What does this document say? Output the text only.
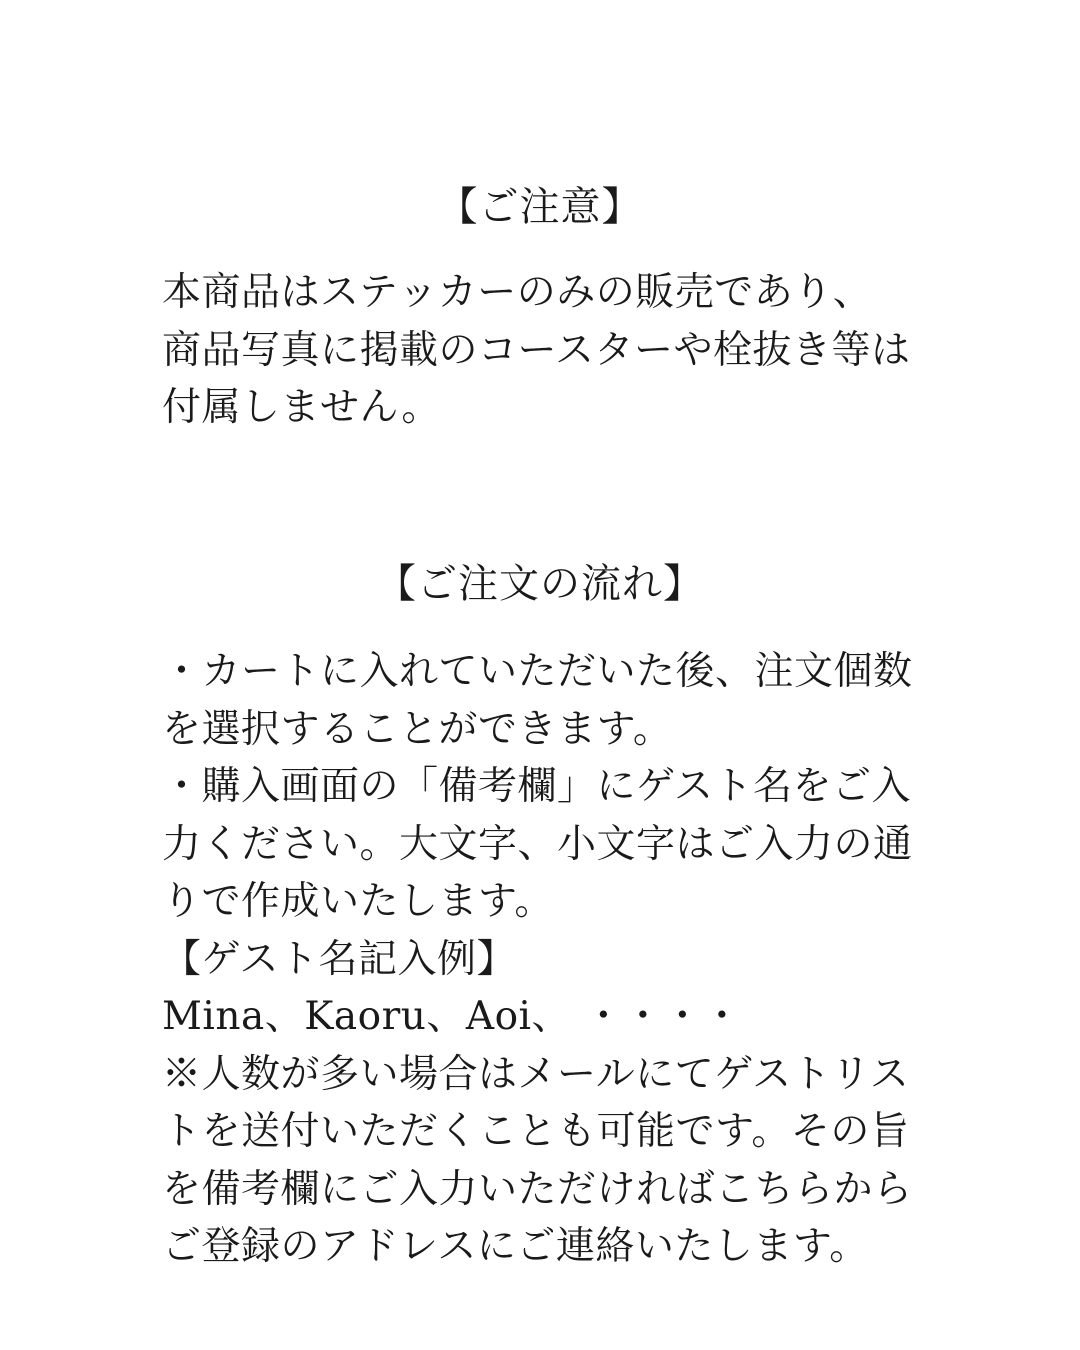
【ご注意】
本商品はステッカーのみの販売であり、
商品写真に掲載のコースターや栓抜き等は
付属しません。
【ご注文の流れ】
・カートに入れていただいた後、注文個数
を選択することができます。
・購入画面の「備考欄」にゲスト名をご入
力ください。大文字、小文字はご入力の通
りで作成いたします。
【ゲスト名記入例】
Mina、Kaoru、Aoi、 ・・・・
※人数が多い場合はメールにてゲストリス
トを送付いただくことも可能です。その旨
を備考欄にご入力いただければこちらから
ご登録のアドレスにご連絡いたします。
